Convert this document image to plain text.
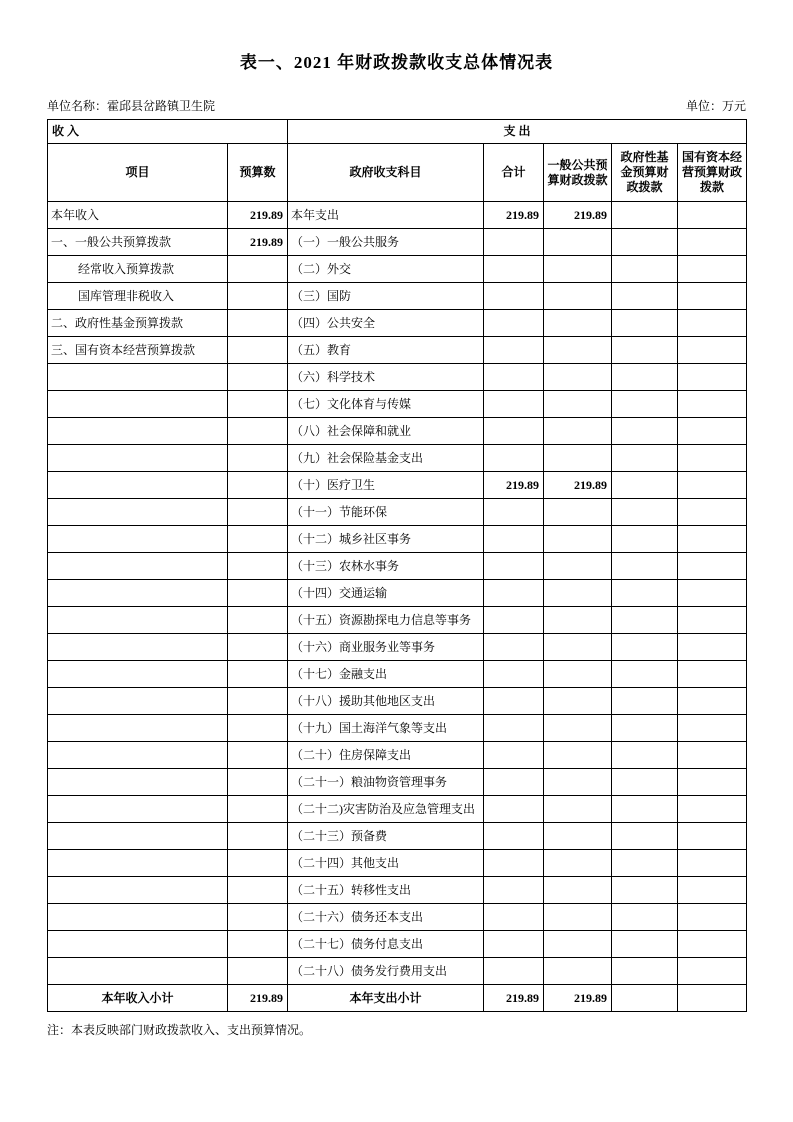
表一、2021 年财政拨款收支总体情况表
单位名称：霍邱县岔路镇卫生院	单位：万元
收 入		支 出				
项目	预算数	政府收支科目	合计	一般公共预算财政拨款	政府性基金预算财政拨款	国有资本经营预算财政拨款
本年收入	219.89	本年支出	219.89	219.89		
一、一般公共预算拨款	219.89	（一）一般公共服务				
经常收入预算拨款		（二）外交				
国库管理非税收入		（三）国防				
二、政府性基金预算拨款		（四）公共安全				
三、国有资本经营预算拨款		（五）教育				
		（六）科学技术				
		（七）文化体育与传媒				
		（八）社会保障和就业				
		（九）社会保险基金支出				
		（十）医疗卫生	219.89	219.89		
		（十一）节能环保				
		（十二）城乡社区事务				
		（十三）农林水事务				
		（十四）交通运输				
		（十五）资源勘探电力信息等事务				
		（十六）商业服务业等事务				
		（十七）金融支出				
		（十八）援助其他地区支出				
		（十九）国土海洋气象等支出				
		（二十）住房保障支出				
		（二十一）粮油物资管理事务				
		（二十二)灾害防治及应急管理支出				
		（二十三）预备费				
		（二十四）其他支出				
		（二十五）转移性支出				
		（二十六）债务还本支出				
		（二十七）债务付息支出				
		（二十八）债务发行费用支出				
本年收入小计	219.89	本年支出小计	219.89	219.89		
注：本表反映部门财政拨款收入、支出预算情况。
